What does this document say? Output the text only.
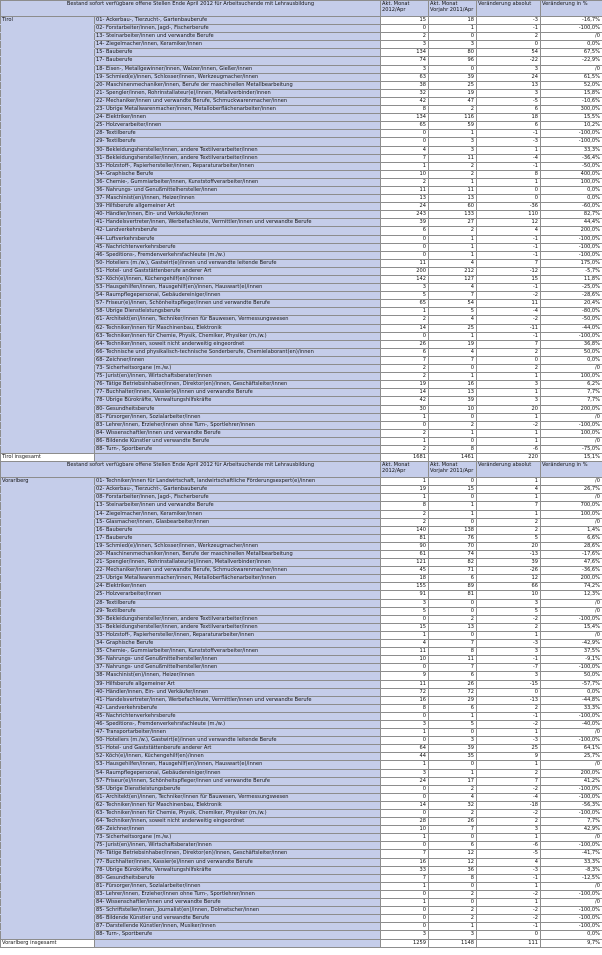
Bestand sofort verfügbare offene Stellen Ende April 2012 für Arbeitsuchende mit Lehrausbildung		Akt. Monat 2012/Apr	Akt. Monat Vorjahr 2011/Apr	Veränderung absolut	Veränderung in %
Tirol	01- Ackerbau-, Tierzucht-, Gartenbauberufe	15	18	-3	-16,7%
	02- Forstarbeiter/innen, Jagd-, Fischerberufe	0	1	-1	-100,0%
	13- Steinarbeiter/innen und verwandte Berufe	2	0	2	/0
	14- Ziegelmacher/innen, Keramiker/innen	3	3	0	0,0%
	15- Bauberufe	134	80	54	67,5%
	17- Bauberufe	74	96	-22	-22,9%
	18- Eisen-, Metallgewinner/innen, Walzer/innen, Gießer/innen	3	0	3	/0
	19- Schmied(e)/innen, Schlosser/innen, Werkzeugmacher/innen	63	39	24	61,5%
	20- Maschinenmechaniker/innen, Berufe der maschinellen Metallbearbeitung	38	25	13	52,0%
	21- Spengler/innen, Rohrinstallateur(e)/innen, Metallverbinder/innen	32	19	3	15,8%
	22- Mechaniker/innen und verwandte Berufe, Schmuckwarenmacher/innen	42	47	-5	-10,6%
	23- Übrige Metallwarenmacher/innen, Metalloberflächenarbeiter/innen	8	2	6	300,0%
	24- Elektriker/innen	134	116	18	15,5%
	25- Holzverarbeiter/innen	65	59	6	10,2%
	28- Textilberufe	0	1	-1	-100,0%
	29- Textilberufe	0	3	-3	-100,0%
	30- Bekleidungshersteller/innen, andere Textilverarbeiter/innen	4	3	1	33,3%
	31- Bekleidungshersteller/innen, andere Textilverarbeiter/innen	7	11	-4	-36,4%
	33- Holzstoff-, Papierhersteller/innen, Reparaturarbeiter/innen	1	2	-1	-50,0%
	34- Graphische Berufe	10	2	8	400,0%
	36- Chemie-, Gummiarbeiter/innen, Kunststoffverarbeiter/innen	2	1	1	100,0%
	36- Nahrungs- und Genußmittelhersteller/innen	11	11	0	0,0%
	37- Maschinist(en)/innen, Heizer/innen	13	13	0	0,0%
	39- Hilfsberufe allgemeiner Art	24	60	-36	-60,0%
	40- Händler/innen, Ein- und Verkäufer/innen	243	133	110	82,7%
	41- Handelsvertreter/innen, Werbefachleute, Vermittler/innen und verwandte Berufe	39	27	12	44,4%
	42- Landverkehrsberufe	6	2	4	200,0%
	44- Luftverkehrsberufe	0	1	-1	-100,0%
	45- Nachrichtenverkehrsberufe	0	1	-1	-100,0%
	46- Speditions-, Fremdenverkehrsfachleute (m./w.)	0	1	-1	-100,0%
	50- Hoteliers (m./w.), Gastwirt(e)/innen und verwandte leitende Berufe	11	4	7	175,0%
	51- Hotel- und Gaststättenberufe anderer Art	200	212	-12	-5,7%
	52- Köch(e)/innen, Küchengehilf(en)/innen	142	127	15	11,8%
	53- Hausgehilfen/innen, Hausgehilf(en)/innen, Hauswart(e)/innen	3	4	-1	-25,0%
	54- Raumpflegepersonal, Gebäudereiniger/innen	5	7	-2	-28,6%
	57- Friseur(e)/innen, Schönheitspfleger/innen und verwandte Berufe	65	54	11	20,4%
	58- Übrige Dienstleistungsberufe	1	5	-4	-80,0%
	61- Architekt(en)/innen, Techniker/innen für Bauwesen, Vermessungswesen	2	4	-2	-50,0%
	62- Techniker/innen für Maschinenbau, Elektronik	14	25	-11	-44,0%
	63- Techniker/innen für Chemie, Physik, Chemiker, Physiker (m./w.)	0	1	-1	-100,0%
	64- Techniker/innen, soweit nicht anderweitig eingeordnet	26	19	7	36,8%
	66- Technische und physikalisch-technische Sonderberufe, Chemielaborant(en)/innen	6	4	2	50,0%
	68- Zeichner/innen	7	7	0	0,0%
	73- Sicherheitsorgane (m./w.)	2	0	2	/0
	75- Jurist(en)/innen, Wirtschaftsberater/innen	2	1	1	100,0%
	76- Tätige Betriebsinhaber/innen, Direktor(en)/innen, Geschäftsleiter/innen	19	16	3	6,2%
	77- Buchhalter/innen, Kassier(e)/innen und verwandte Berufe	14	13	1	7,7%
	78- Übrige Bürokräfte, Verwaltungshilfskräfte	42	39	3	7,7%
	80- Gesundheitsberufe	30	10	20	200,0%
	81- Fürsorger/innen, Sozialarbeiter/innen	1	0	1	/0
	83- Lehrer/innen, Erzieher/innen ohne Turn-, Sportlehrer/innen	0	2	-2	-100,0%
	84- Wissenschaftler/innen und verwandte Berufe	2	1	1	100,0%
	86- Bildende Künstler und verwandte Berufe	1	0	1	/0
	88- Turn-, Sportberufe	2	8	-6	-75,0%
Tirol insgesamt		1681	1461	220	15,1%
Bestand sofort verfügbare offene Stellen Ende April 2012 für Arbeitsuchende mit Lehrausbildung		Akt. Monat 2012/Apr	Akt. Monat Vorjahr 2011/Apr	Veränderung absolut	Veränderung in %
Vorarlberg	01- Techniker/innen für Landwirtschaft, landwirtschaftliche Förderungsexpert(e)/innen	1	0	1	/0
	02- Ackerbau-, Tierzucht-, Gartenbauberufe	19	15	4	26,7%
	08- Forstarbeiter/innen, Jagd-, Fischerberufe	1	0	1	/0
	13- Steinarbeiter/innen und verwandte Berufe	8	1	7	700,0%
	14- Ziegelmacher/innen, Keramiker/innen	2	1	1	100,0%
	15- Glasmacher/innen, Glasbearbeiter/innen	2	0	2	/0
	16- Bauberufe	140	138	2	1,4%
	17- Bauberufe	81	76	5	6,6%
	19- Schmied(e)/innen, Schlosser/innen, Werkzeugmacher/innen	90	70	20	28,6%
	20- Maschinenmechaniker/innen, Berufe der maschinellen Metallbearbeitung	61	74	-13	-17,6%
	21- Spengler/innen, Rohrinstallateur(e)/innen, Metallverbinder/innen	121	82	39	47,6%
	22- Mechaniker/innen und verwandte Berufe, Schmuckwarenmacher/innen	45	71	-26	-36,6%
	23- Übrige Metallwarenmacher/innen, Metalloberflächenarbeiter/innen	18	6	12	200,0%
	24- Elektriker/innen	155	89	66	74,2%
	25- Holzverarbeiter/innen	91	81	10	12,3%
	28- Textilberufe	3	0	3	/0
	29- Textilberufe	5	0	5	/0
	30- Bekleidungshersteller/innen, andere Textilverarbeiter/innen	0	2	-2	-100,0%
	31- Bekleidungshersteller/innen, andere Textilverarbeiter/innen	15	13	2	15,4%
	33- Holzstoff-, Papierhersteller/innen, Reparaturarbeiter/innen	1	0	1	/0
	34- Graphische Berufe	4	7	-3	-42,9%
	35- Chemie-, Gummiarbeiter/innen, Kunststoffverarbeiter/innen	11	8	3	37,5%
	36- Nahrungs- und Genußmittelhersteller/innen	10	11	-1	-9,1%
	37- Nahrungs- und Genußmittelhersteller/innen	0	7	-7	-100,0%
	38- Maschinist(en)/innen, Heizer/innen	9	6	3	50,0%
	39- Hilfsberufe allgemeiner Art	11	26	-15	-57,7%
	40- Händler/innen, Ein- und Verkäufer/innen	72	72	0	0,0%
	41- Handelsvertreter/innen, Werbefachleute, Vermittler/innen und verwandte Berufe	16	29	-13	-44,8%
	42- Landverkehrsberufe	8	6	2	33,3%
	45- Nachrichtenverkehrsberufe	0	1	-1	-100,0%
	46- Speditions-, Fremdenverkehrsfachleute (m./w.)	3	5	-2	-40,0%
	47- Transportarbeiter/innen	1	0	1	/0
	50- Hoteliers (m./w.), Gastwirt(e)/innen und verwandte leitende Berufe	0	3	-3	-100,0%
	51- Hotel- und Gaststättenberufe anderer Art	64	39	25	64,1%
	52- Köch(e)/innen, Küchengehilf(en)/innen	44	35	9	25,7%
	53- Hausgehilfen/innen, Hausgehilf(en)/innen, Hauswart(e)/innen	1	0	1	/0
	54- Raumpflegepersonal, Gebäudereiniger/innen	3	1	2	200,0%
	57- Friseur(e)/innen, Schönheitspfleger/innen und verwandte Berufe	24	17	7	41,2%
	58- Übrige Dienstleistungsberufe	0	2	-2	-100,0%
	61- Architekt(en)/innen, Techniker/innen für Bauwesen, Vermessungswesen	0	4	-4	-100,0%
	62- Techniker/innen für Maschinenbau, Elektronik	14	32	-18	-56,3%
	63- Techniker/innen für Chemie, Physik, Chemiker, Physiker (m./w.)	0	2	-2	-100,0%
	64- Techniker/innen, soweit nicht anderweitig eingeordnet	28	26	2	7,7%
	68- Zeichner/innen	10	7	3	42,9%
	73- Sicherheitsorgane (m./w.)	1	0	1	/0
	75- Jurist(en)/innen, Wirtschaftsberater/innen	0	6	-6	-100,0%
	76- Tätige Betriebsinhaber/innen, Direktor(en)/innen, Geschäftsleiter/innen	7	12	-5	-41,7%
	77- Buchhalter/innen, Kassier(e)/innen und verwandte Berufe	16	12	4	33,3%
	78- Übrige Bürokräfte, Verwaltungshilfskräfte	33	36	-3	-8,3%
	80- Gesundheitsberufe	7	8	-1	-12,5%
	81- Fürsorger/innen, Sozialarbeiter/innen	1	0	1	/0
	83- Lehrer/innen, Erzieher/innen ohne Turn-, Sportlehrer/innen	0	2	-2	-100,0%
	84- Wissenschaftler/innen und verwandte Berufe	1	0	1	/0
	85- Schriftsteller/innen, Journalist(en)/innen, Dolmetscher/innen	0	2	-2	-100,0%
	86- Bildende Künstler und verwandte Berufe	0	2	-2	-100,0%
	87- Darstellende Künstler/innen, Musiker/innen	0	1	-1	-100,0%
	88- Turn-, Sportberufe	3	3	0	0,0%
Vorarlberg insgesamt		1259	1148	111	9,7%
